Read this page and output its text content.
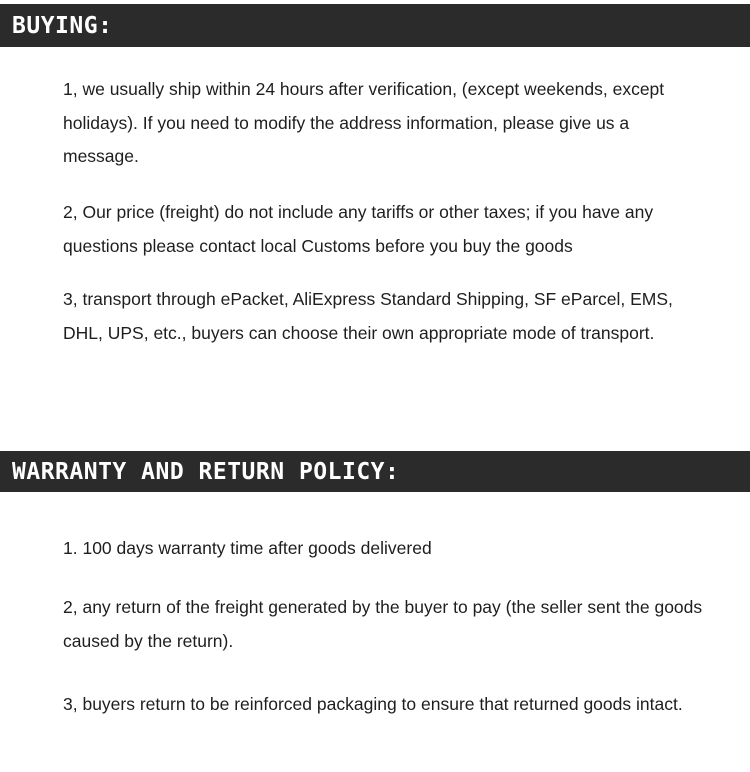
BUYING:

1, we usually ship within 24 hours after verification, (except weekends, except holidays). If you need to modify the address information, please give us a message.

2, Our price (freight) do not include any tariffs or other taxes; if you have any questions please contact local Customs before you buy the goods

3, transport through ePacket, AliExpress Standard Shipping, SF eParcel, EMS, DHL, UPS, etc., buyers can choose their own appropriate mode of transport.

WARRANTY AND RETURN POLICY:

1. 100 days warranty time after goods delivered

2, any return of the freight generated by the buyer to pay (the seller sent the goods caused by the return).

3, buyers return to be reinforced packaging to ensure that returned goods intact.
